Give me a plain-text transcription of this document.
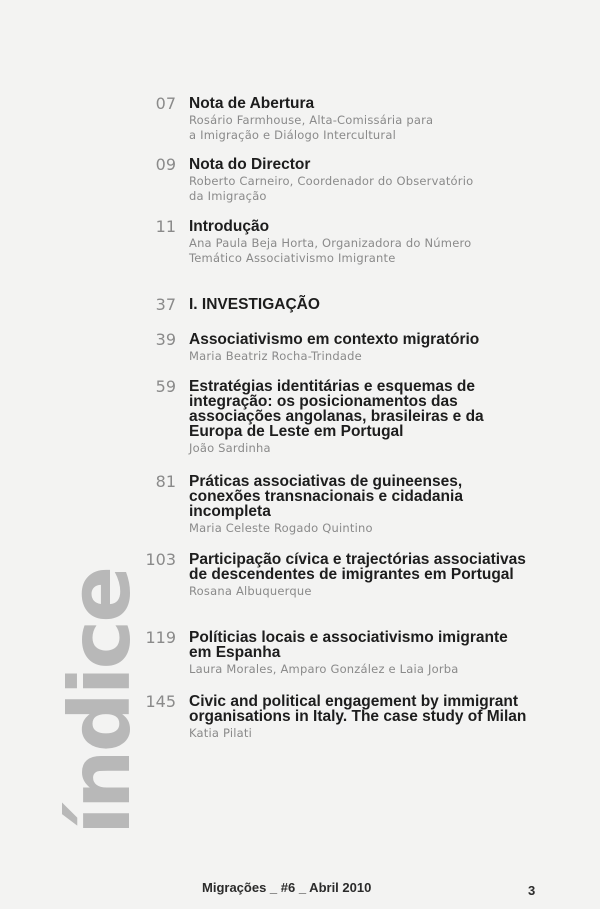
índice
07 Nota de Abertura
Rosário Farmhouse, Alta-Comissária para
a Imigração e Diálogo Intercultural
09 Nota do Director
Roberto Carneiro, Coordenador do Observatório
da Imigração
11 Introdução
Ana Paula Beja Horta, Organizadora do Número
Temático Associativismo Imigrante
37 I. INVESTIGAÇÃO
39 Associativismo em contexto migratório
Maria Beatriz Rocha-Trindade
59 Estratégias identitárias e esquemas de integração: os posicionamentos das associações angolanas, brasileiras e da Europa de Leste em Portugal
João Sardinha
81 Práticas associativas de guineenses, conexões transnacionais e cidadania incompleta
Maria Celeste Rogado Quintino
103 Participação cívica e trajectórias associativas de descendentes de imigrantes em Portugal
Rosana Albuquerque
119 Políticias locais e associativismo imigrante em Espanha
Laura Morales, Amparo González e Laia Jorba
145 Civic and political engagement by immigrant organisations in Italy. The case study of Milan
Katia Pilati
Migrações _ #6 _ Abril 2010	3
